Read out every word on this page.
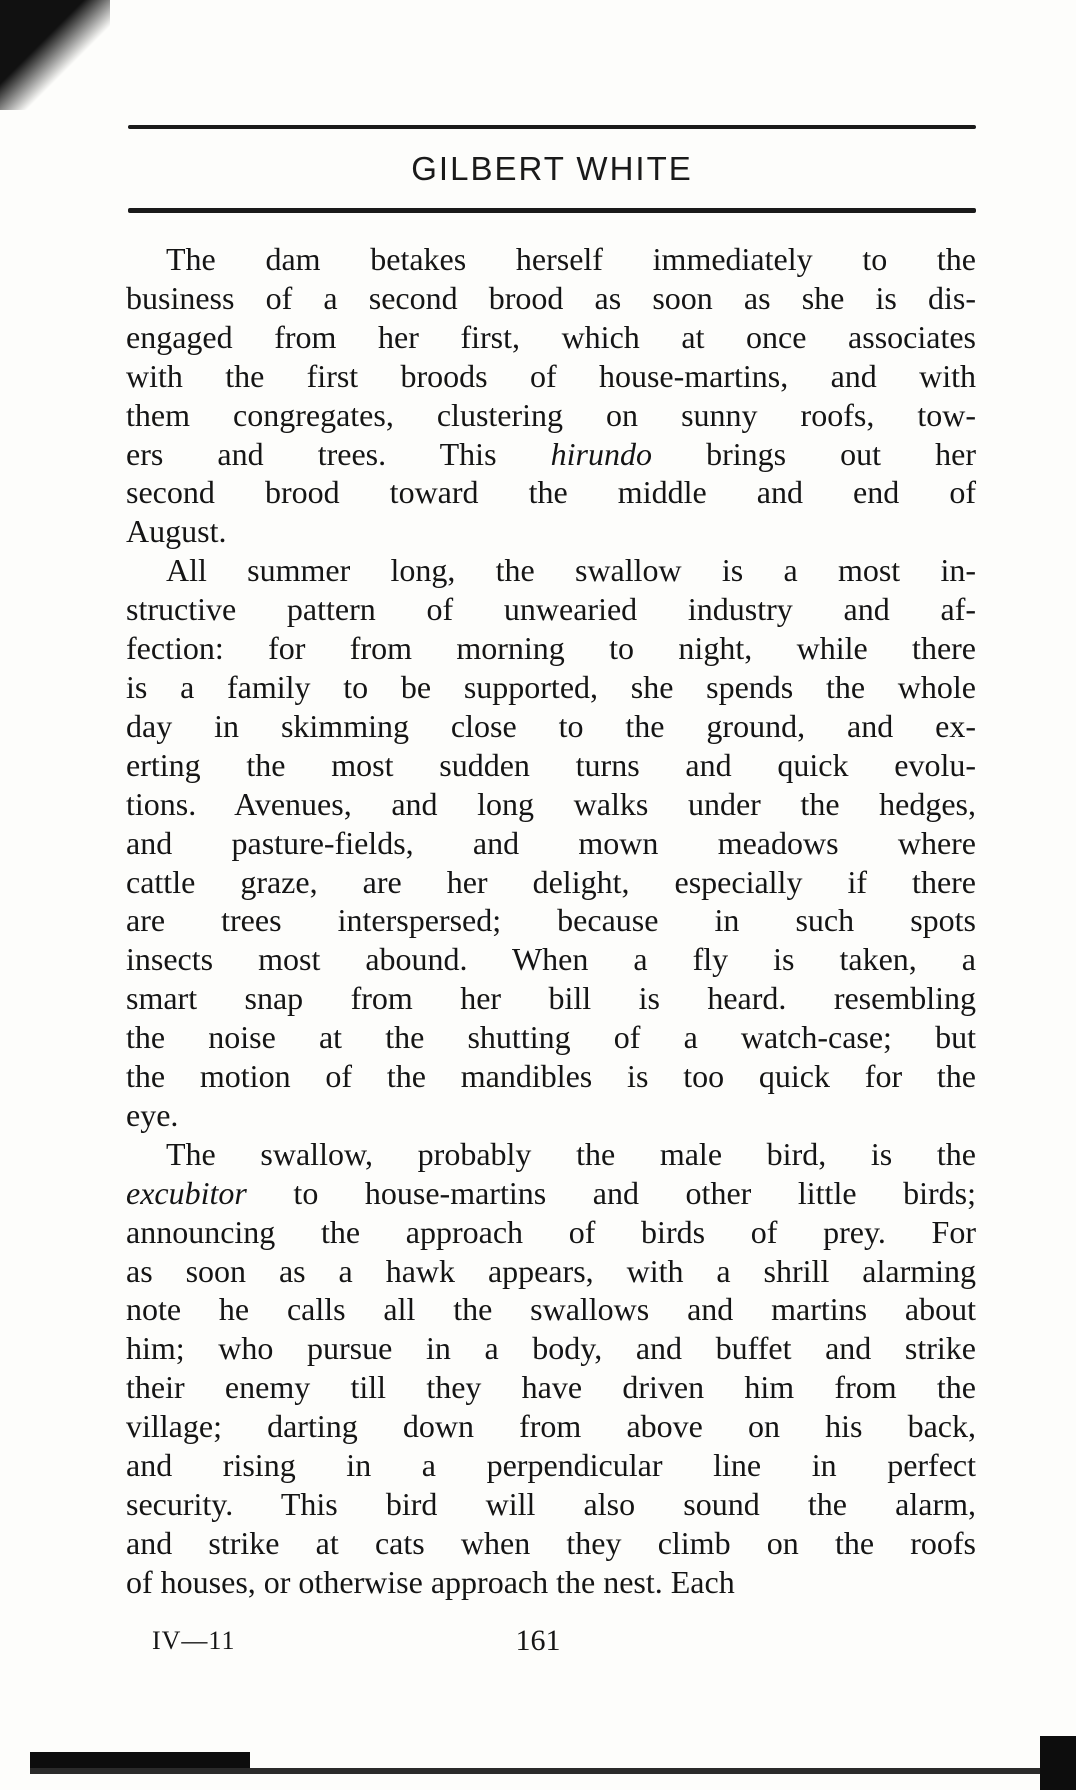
GILBERT WHITE
The dam betakes herself immediately to the
business of a second brood as soon as she is dis-
engaged from her first, which at once associates
with the first broods of house-martins, and with
them congregates, clustering on sunny roofs, tow-
ers and trees. This hirundo brings out her
second brood toward the middle and end of
August.
All summer long, the swallow is a most in-
structive pattern of unwearied industry and af-
fection: for from morning to night, while there
is a family to be supported, she spends the whole
day in skimming close to the ground, and ex-
erting the most sudden turns and quick evolu-
tions. Avenues, and long walks under the hedges,
and pasture-fields, and mown meadows where
cattle graze, are her delight, especially if there
are trees interspersed; because in such spots
insects most abound. When a fly is taken, a
smart snap from her bill is heard. resembling
the noise at the shutting of a watch-case; but
the motion of the mandibles is too quick for the
eye.
The swallow, probably the male bird, is the
excubitor to house-martins and other little birds;
announcing the approach of birds of prey. For
as soon as a hawk appears, with a shrill alarming
note he calls all the swallows and martins about
him; who pursue in a body, and buffet and strike
their enemy till they have driven him from the
village; darting down from above on his back,
and rising in a perpendicular line in perfect
security. This bird will also sound the alarm,
and strike at cats when they climb on the roofs
of houses, or otherwise approach the nest. Each
IV—11	161
